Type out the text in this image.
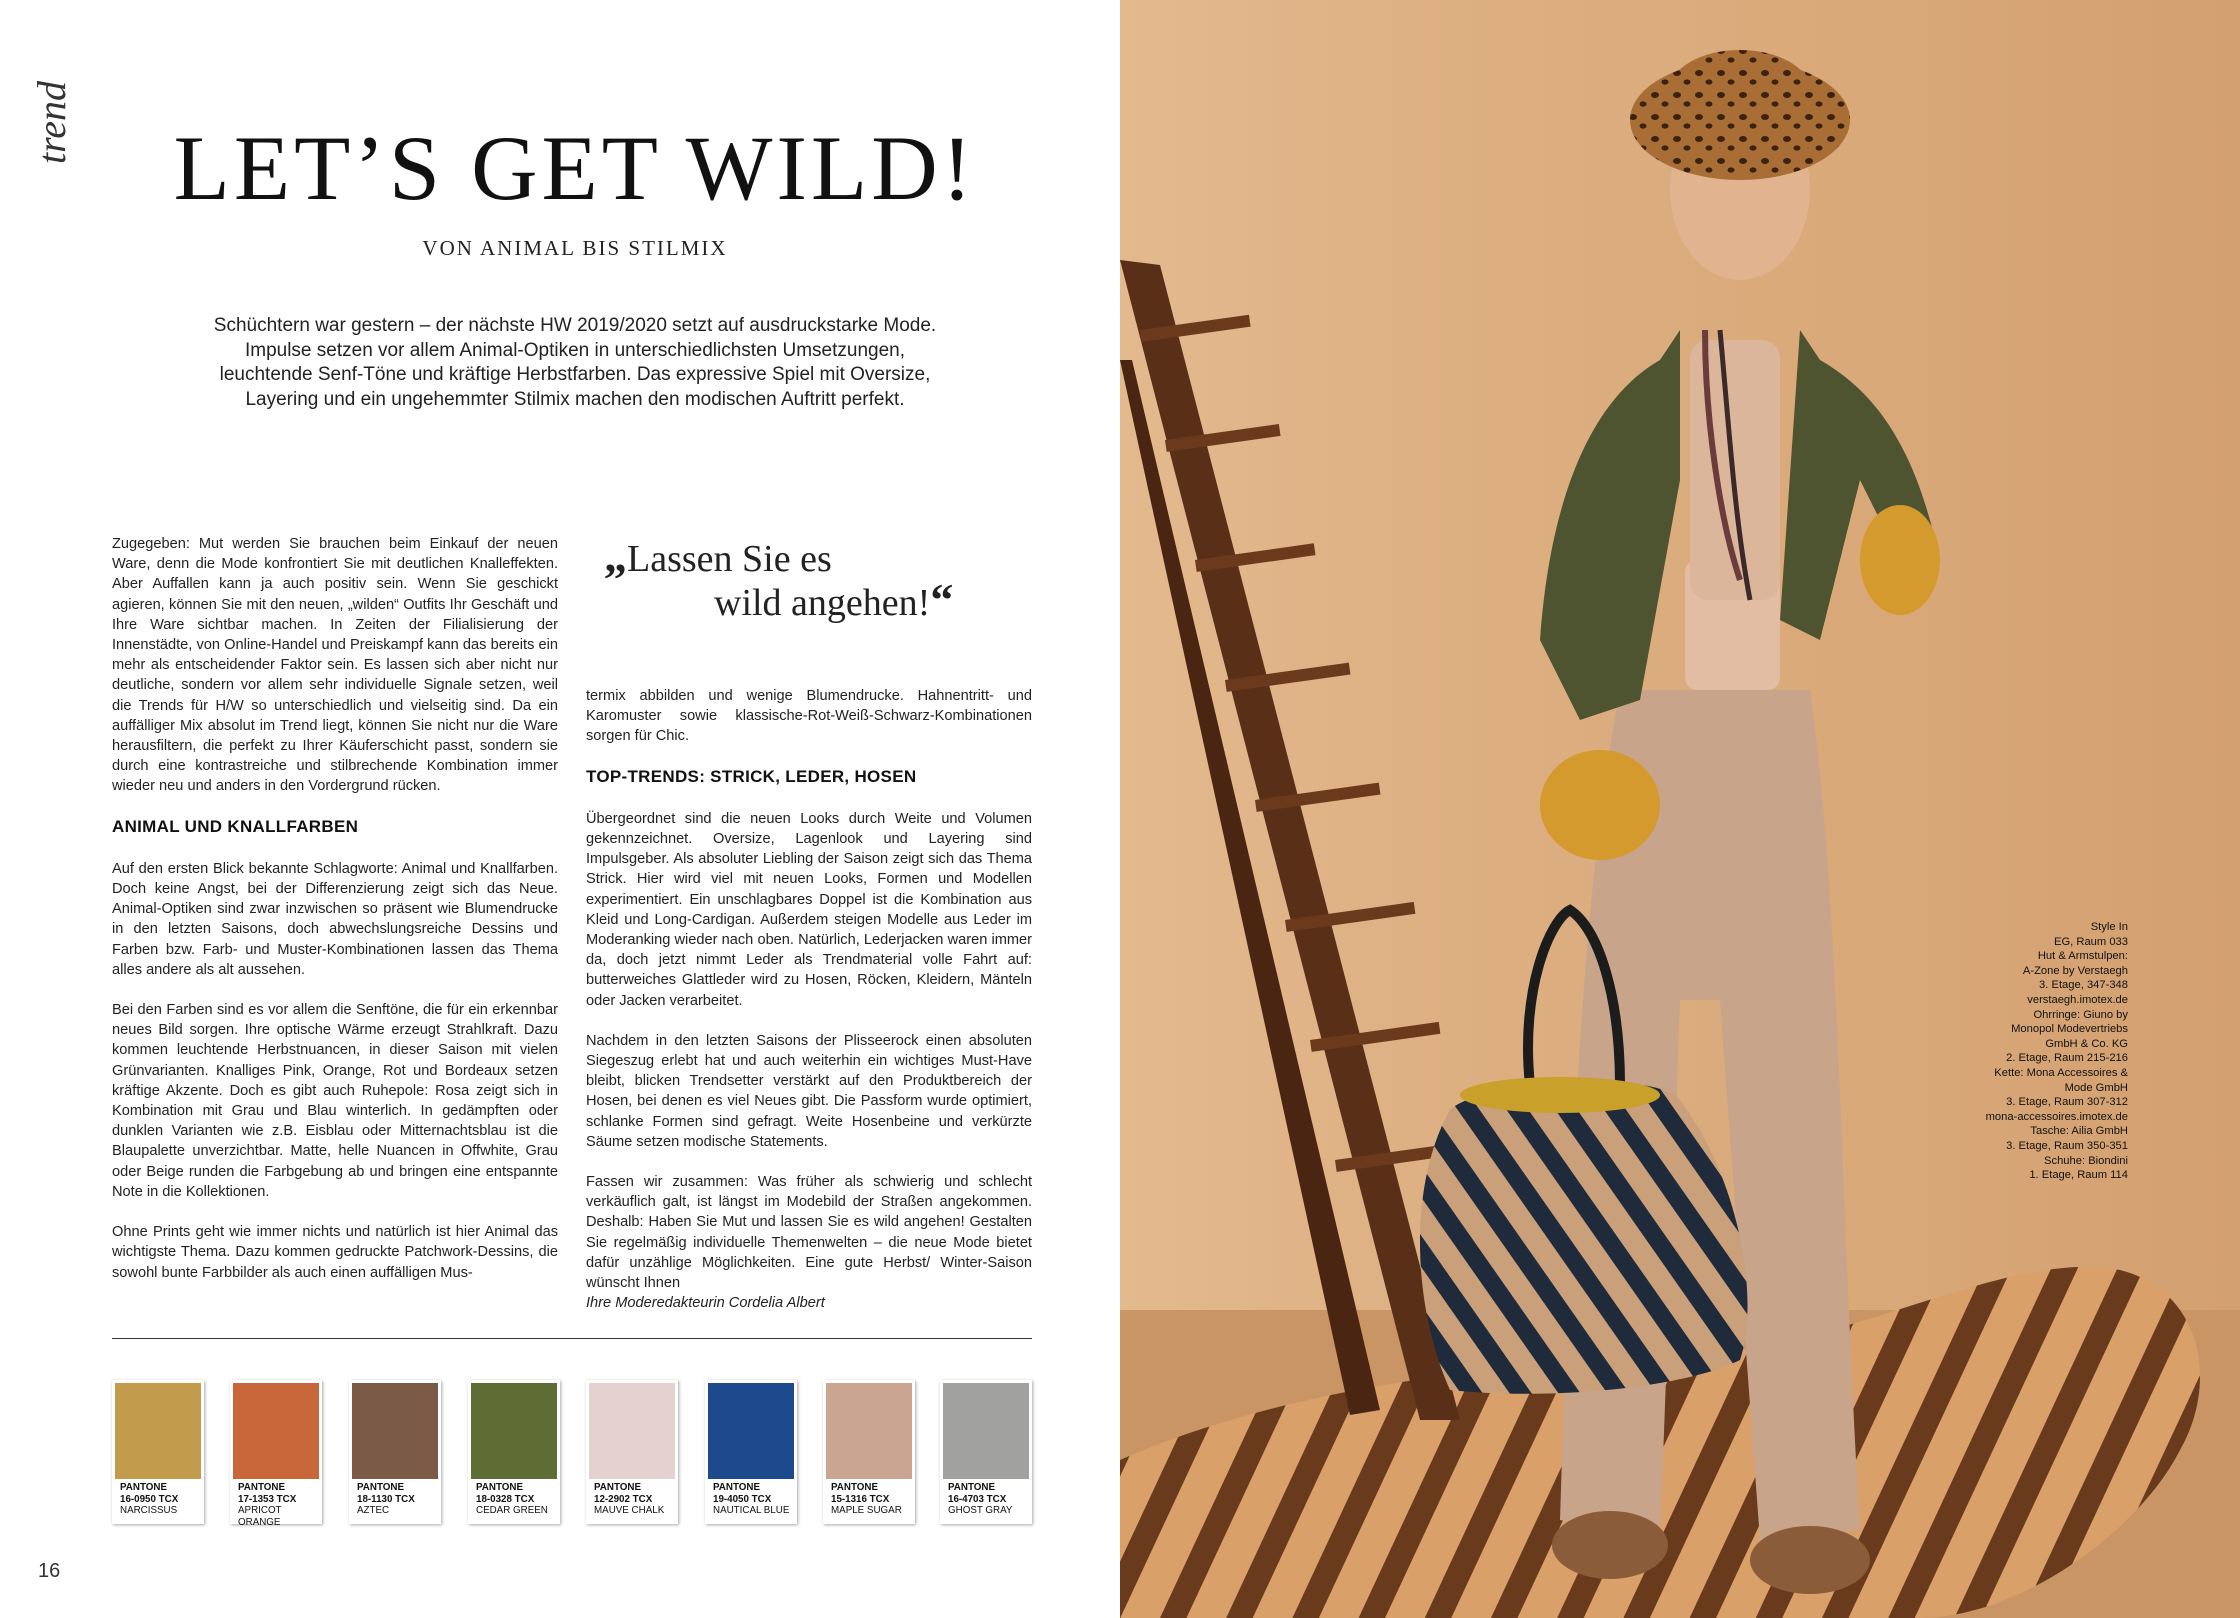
trend	LET’S GET WILD!
VON ANIMAL BIS STILMIX

Schüchtern war gestern – der nächste HW 2019/2020 setzt auf ausdruckstarke Mode. Impulse setzen vor allem Animal-Optiken in unterschiedlichsten Umsetzungen, leuchtende Senf-Töne und kräftige Herbstfarben. Das expressive Spiel mit Oversize, Layering und ein ungehemmter Stilmix machen den modischen Auftritt perfekt.

Zugegeben: Mut werden Sie brauchen beim Einkauf der neuen Ware, denn die Mode konfrontiert Sie mit deutlichen Knalleffekten. Aber Auffallen kann ja auch positiv sein. Wenn Sie geschickt agieren, können Sie mit den neuen, „wilden“ Outfits Ihr Geschäft und Ihre Ware sichtbar machen. In Zeiten der Filialisierung der Innenstädte, von Online-Handel und Preiskampf kann das bereits ein mehr als entscheidender Faktor sein. Es lassen sich aber nicht nur deutliche, sondern vor allem sehr individuelle Signale setzen, weil die Trends für H/W so unterschiedlich und vielseitig sind. Da ein auffälliger Mix absolut im Trend liegt, können Sie nicht nur die Ware herausfiltern, die perfekt zu Ihrer Käuferschicht passt, sondern sie durch eine kontrastreiche und stilbrechende Kombination immer wieder neu und anders in den Vordergrund rücken.

ANIMAL UND KNALLFARBEN

Auf den ersten Blick bekannte Schlagworte: Animal und Knallfarben. Doch keine Angst, bei der Differenzierung zeigt sich das Neue. Animal-Optiken sind zwar inzwischen so präsent wie Blumendrucke in den letzten Saisons, doch abwechslungsreiche Dessins und Farben bzw. Farb- und Muster-Kombinationen lassen das Thema alles andere als alt aussehen.

Bei den Farben sind es vor allem die Senftöne, die für ein erkennbar neues Bild sorgen. Ihre optische Wärme erzeugt Strahlkraft. Dazu kommen leuchtende Herbstnuancen, in dieser Saison mit vielen Grünvarianten. Knalliges Pink, Orange, Rot und Bordeaux setzen kräftige Akzente. Doch es gibt auch Ruhepole: Rosa zeigt sich in Kombination mit Grau und Blau winterlich. In gedämpften oder dunklen Varianten wie z.B. Eisblau oder Mitternachtsblau ist die Blaupalette unverzichtbar. Matte, helle Nuancen in Offwhite, Grau oder Beige runden die Farbgebung ab und bringen eine entspannte Note in die Kollektionen.

Ohne Prints geht wie immer nichts und natürlich ist hier Animal das wichtigste Thema. Dazu kommen gedruckte Patchwork-Dessins, die sowohl bunte Farbbilder als auch einen auffälligen Mus-

„Lassen Sie es
wild angehen!“

termix abbilden und wenige Blumendrucke. Hahnentritt- und Karomuster sowie klassische-Rot-Weiß-Schwarz-Kombinationen sorgen für Chic.

TOP-TRENDS: STRICK, LEDER, HOSEN

Übergeordnet sind die neuen Looks durch Weite und Volumen gekennzeichnet. Oversize, Lagenlook und Layering sind Impulsgeber. Als absoluter Liebling der Saison zeigt sich das Thema Strick. Hier wird viel mit neuen Looks, Formen und Modellen experimentiert. Ein unschlagbares Doppel ist die Kombination aus Kleid und Long-Cardigan. Außerdem steigen Modelle aus Leder im Moderanking wieder nach oben. Natürlich, Lederjacken waren immer da, doch jetzt nimmt Leder als Trendmaterial volle Fahrt auf: butterweiches Glattleder wird zu Hosen, Röcken, Kleidern, Mänteln oder Jacken verarbeitet.

Nachdem in den letzten Saisons der Plisseerock einen absoluten Siegeszug erlebt hat und auch weiterhin ein wichtiges Must-Have bleibt, blicken Trendsetter verstärkt auf den Produktbereich der Hosen, bei denen es viel Neues gibt. Die Passform wurde optimiert, schlanke Formen sind gefragt. Weite Hosenbeine und verkürzte Säume setzen modische Statements.

Fassen wir zusammen: Was früher als schwierig und schlecht verkäuflich galt, ist längst im Modebild der Straßen angekommen. Deshalb: Haben Sie Mut und lassen Sie es wild angehen! Gestalten Sie regelmäßig individuelle Themenwelten – die neue Mode bietet dafür unzählige Möglichkeiten. Eine gute Herbst/ Winter-Saison wünscht Ihnen

Ihre Moderedakteurin Cordelia Albert

PANTONE
16-0950 TCX
NARCISSUS
PANTONE
17-1353 TCX
APRICOT ORANGE
PANTONE
18-1130 TCX
AZTEC
PANTONE
18-0328 TCX
CEDAR GREEN
PANTONE
12-2902 TCX
MAUVE CHALK
PANTONE
19-4050 TCX
NAUTICAL BLUE
PANTONE
15-1316 TCX
MAPLE SUGAR
PANTONE
16-4703 TCX
GHOST GRAY
16
Style In
EG, Raum 033
Hut & Armstulpen:
A-Zone by Verstaegh
3. Etage, 347-348
verstaegh.imotex.de
Ohrringe: Giuno by
Monopol Modevertriebs
GmbH & Co. KG
2. Etage, Raum 215-216
Kette: Mona Accessoires &
Mode GmbH
3. Etage, Raum 307-312
mona-accessoires.imotex.de
Tasche: Ailia GmbH
3. Etage, Raum 350-351
Schuhe: Biondini
1. Etage, Raum 114
